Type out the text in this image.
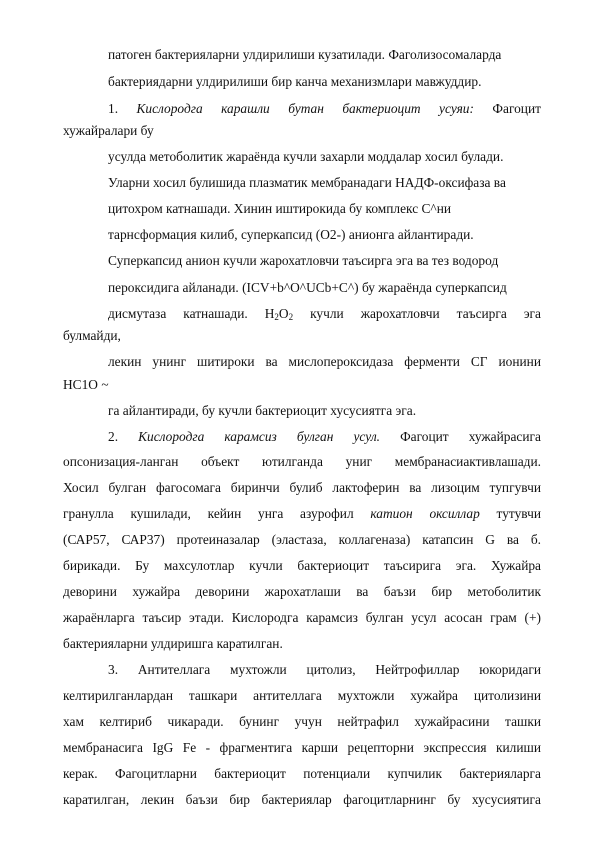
патоген бактерияларни улдирилиши кузатилади. Фаголизосомаларда
бактериядарни улдирилиши бир канча механизмлари мавжуддир.
1. Кислородга карашли бутан бактериоцит усуяи: Фагоцит
хужайралари бу
усулда метоболитик жараёнда кучли захарли моддалар хосил булади.
Уларни хосил булишида плазматик мембранадаги НАДФ-оксифаза ва
цитохром катнашади. Хинин иштирокида бу комплекс С^ни
тарнсформация килиб, суперкапсид (О2-) анионга айлантиради.
Суперкапсид анион кучли жарохатловчи таъсирга эга ва тез водород
пероксидига айланади. (ICV+b^O^UCb+C^) бу жараёнда суперкапсид
дисмутаза катнашади. $Н_2О_2$ кучли жарохатловчи таъсирга эга
булмайди,
лекин унинг шитироки ва мислопероксидаза ферменти СГ ионини
НС1О ~
га айлантиради, бу кучли бактериоцит хусусиятга эга.
2. Кислородга карамсиз булган усул. Фагоцит хужайрасига
опсонизация-ланган объект ютилганда униг мембранасиактивлашади.
Хосил булган фагосомага биринчи булиб лактоферин ва лизоцим тупгувчи
гранулла кушилади, кейин унга азурофил катион оксиллар тутувчи
(САР57, САР37) протеиназалар (эластаза, коллагеназа) катапсин G ва б.
бирикади. Бу махсулотлар кучли бактериоцит таъсирига эга. Хужайра
деворини хужайра деворини жарохатлаши ва баъзи бир метоболитик
жараёнларга таъсир этади. Кислородга карамсиз булган усул асосан грам (+)
бактерияларни улдиришга каратилган.
3. Антителлага мухтожли цитолиз, Нейтрофиллар юкоридаги
келтирилганлардан ташкари антителлага мухтожли хужайра цитолизини
хам келтириб чикаради. бунинг учун нейтрафил хужайрасини ташки
мембранасига IgG Fe - фрагментига карши рецепторни экспрессия килиши
керак. Фагоцитларни бактериоцит потенциали купчилик бактерияларга
каратилган, лекин баъзи бир бактериялар фагоцитларнинг бу хусусиятига
